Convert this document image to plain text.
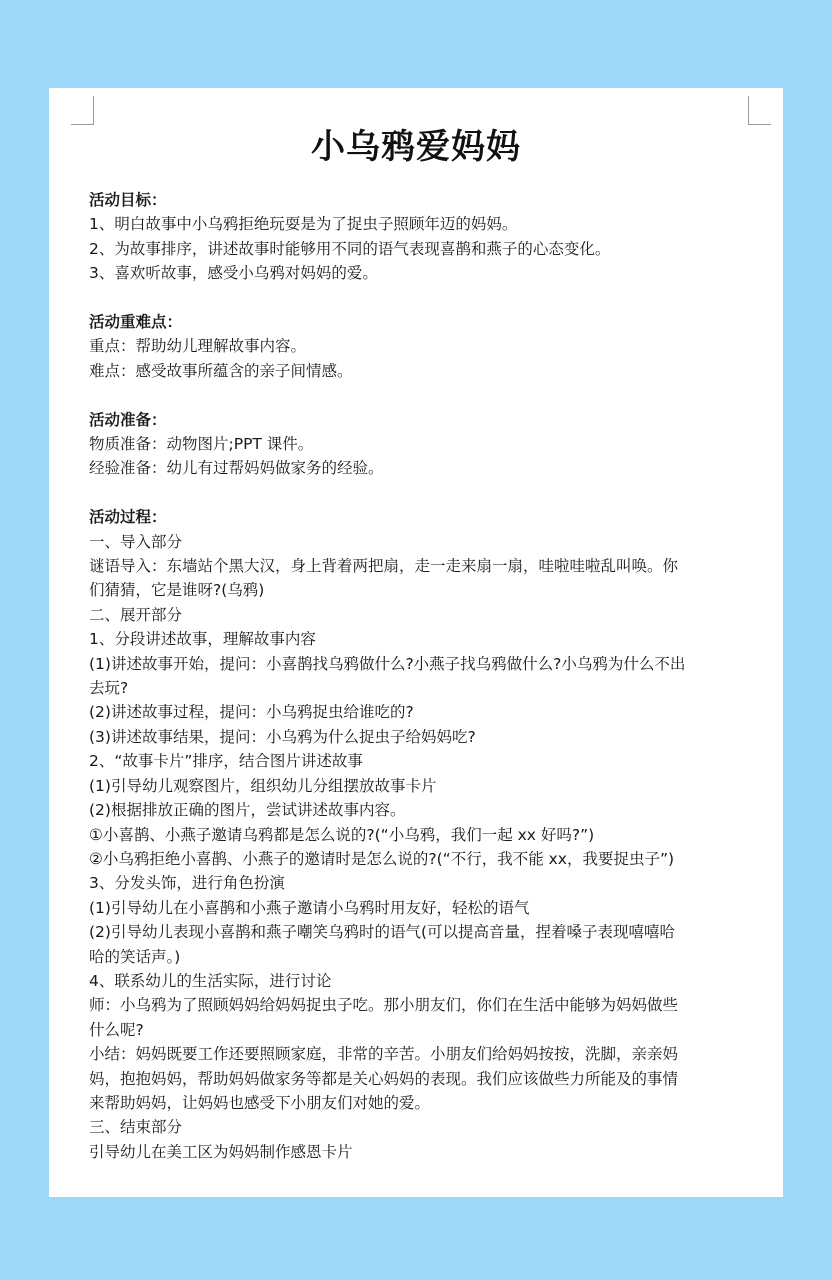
小乌鸦爱妈妈
活动目标：
1、明白故事中小乌鸦拒绝玩耍是为了捉虫子照顾年迈的妈妈。
2、为故事排序，讲述故事时能够用不同的语气表现喜鹊和燕子的心态变化。
3、喜欢听故事，感受小乌鸦对妈妈的爱。
活动重难点：
重点：帮助幼儿理解故事内容。
难点：感受故事所蕴含的亲子间情感。
活动准备：
物质准备：动物图片;PPT 课件。
经验准备：幼儿有过帮妈妈做家务的经验。
活动过程：
一、导入部分
谜语导入：东墙站个黑大汉，身上背着两把扇，走一走来扇一扇，哇啦哇啦乱叫唤。你
们猜猜，它是谁呀?(乌鸦)
二、展开部分
1、分段讲述故事，理解故事内容
(1)讲述故事开始，提问：小喜鹊找乌鸦做什么?小燕子找乌鸦做什么?小乌鸦为什么不出
去玩?
(2)讲述故事过程，提问：小乌鸦捉虫给谁吃的?
(3)讲述故事结果，提问：小乌鸦为什么捉虫子给妈妈吃?
2、“故事卡片”排序，结合图片讲述故事
(1)引导幼儿观察图片，组织幼儿分组摆放故事卡片
(2)根据排放正确的图片，尝试讲述故事内容。
①小喜鹊、小燕子邀请乌鸦都是怎么说的?(“小乌鸦，我们一起 xx 好吗?”)
②小乌鸦拒绝小喜鹊、小燕子的邀请时是怎么说的?(“不行，我不能 xx，我要捉虫子”)
3、分发头饰，进行角色扮演
(1)引导幼儿在小喜鹊和小燕子邀请小乌鸦时用友好，轻松的语气
(2)引导幼儿表现小喜鹊和燕子嘲笑乌鸦时的语气(可以提高音量，捏着嗓子表现嘻嘻哈
哈的笑话声。)
4、联系幼儿的生活实际，进行讨论
师：小乌鸦为了照顾妈妈给妈妈捉虫子吃。那小朋友们，你们在生活中能够为妈妈做些
什么呢?
小结：妈妈既要工作还要照顾家庭，非常的辛苦。小朋友们给妈妈按按，洗脚，亲亲妈
妈，抱抱妈妈，帮助妈妈做家务等都是关心妈妈的表现。我们应该做些力所能及的事情
来帮助妈妈，让妈妈也感受下小朋友们对她的爱。
三、结束部分
引导幼儿在美工区为妈妈制作感恩卡片
